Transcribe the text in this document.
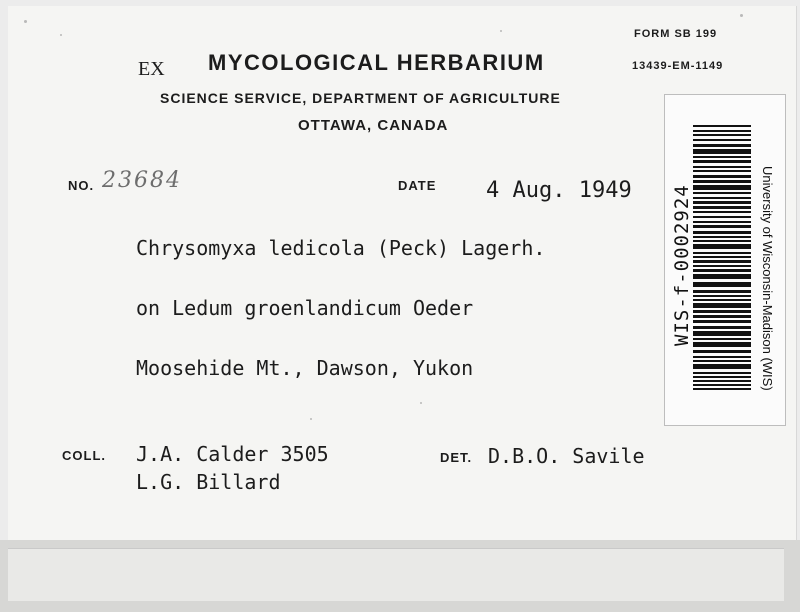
FORM SB 199
13439-EM-1149
EX MYCOLOGICAL HERBARIUM
SCIENCE SERVICE, DEPARTMENT OF AGRICULTURE
OTTAWA, CANADA
NO. 23684	DATE 4 Aug. 1949
Chrysomyxa ledicola (Peck) Lagerh.
on Ledum groenlandicum Oeder
Moosehide Mt., Dawson, Yukon
COLL. J.A. Calder 3505
L.G. Billard
DET. D.B.O. Savile
WIS-f-0002924	University of Wisconsin-Madison (WIS)
